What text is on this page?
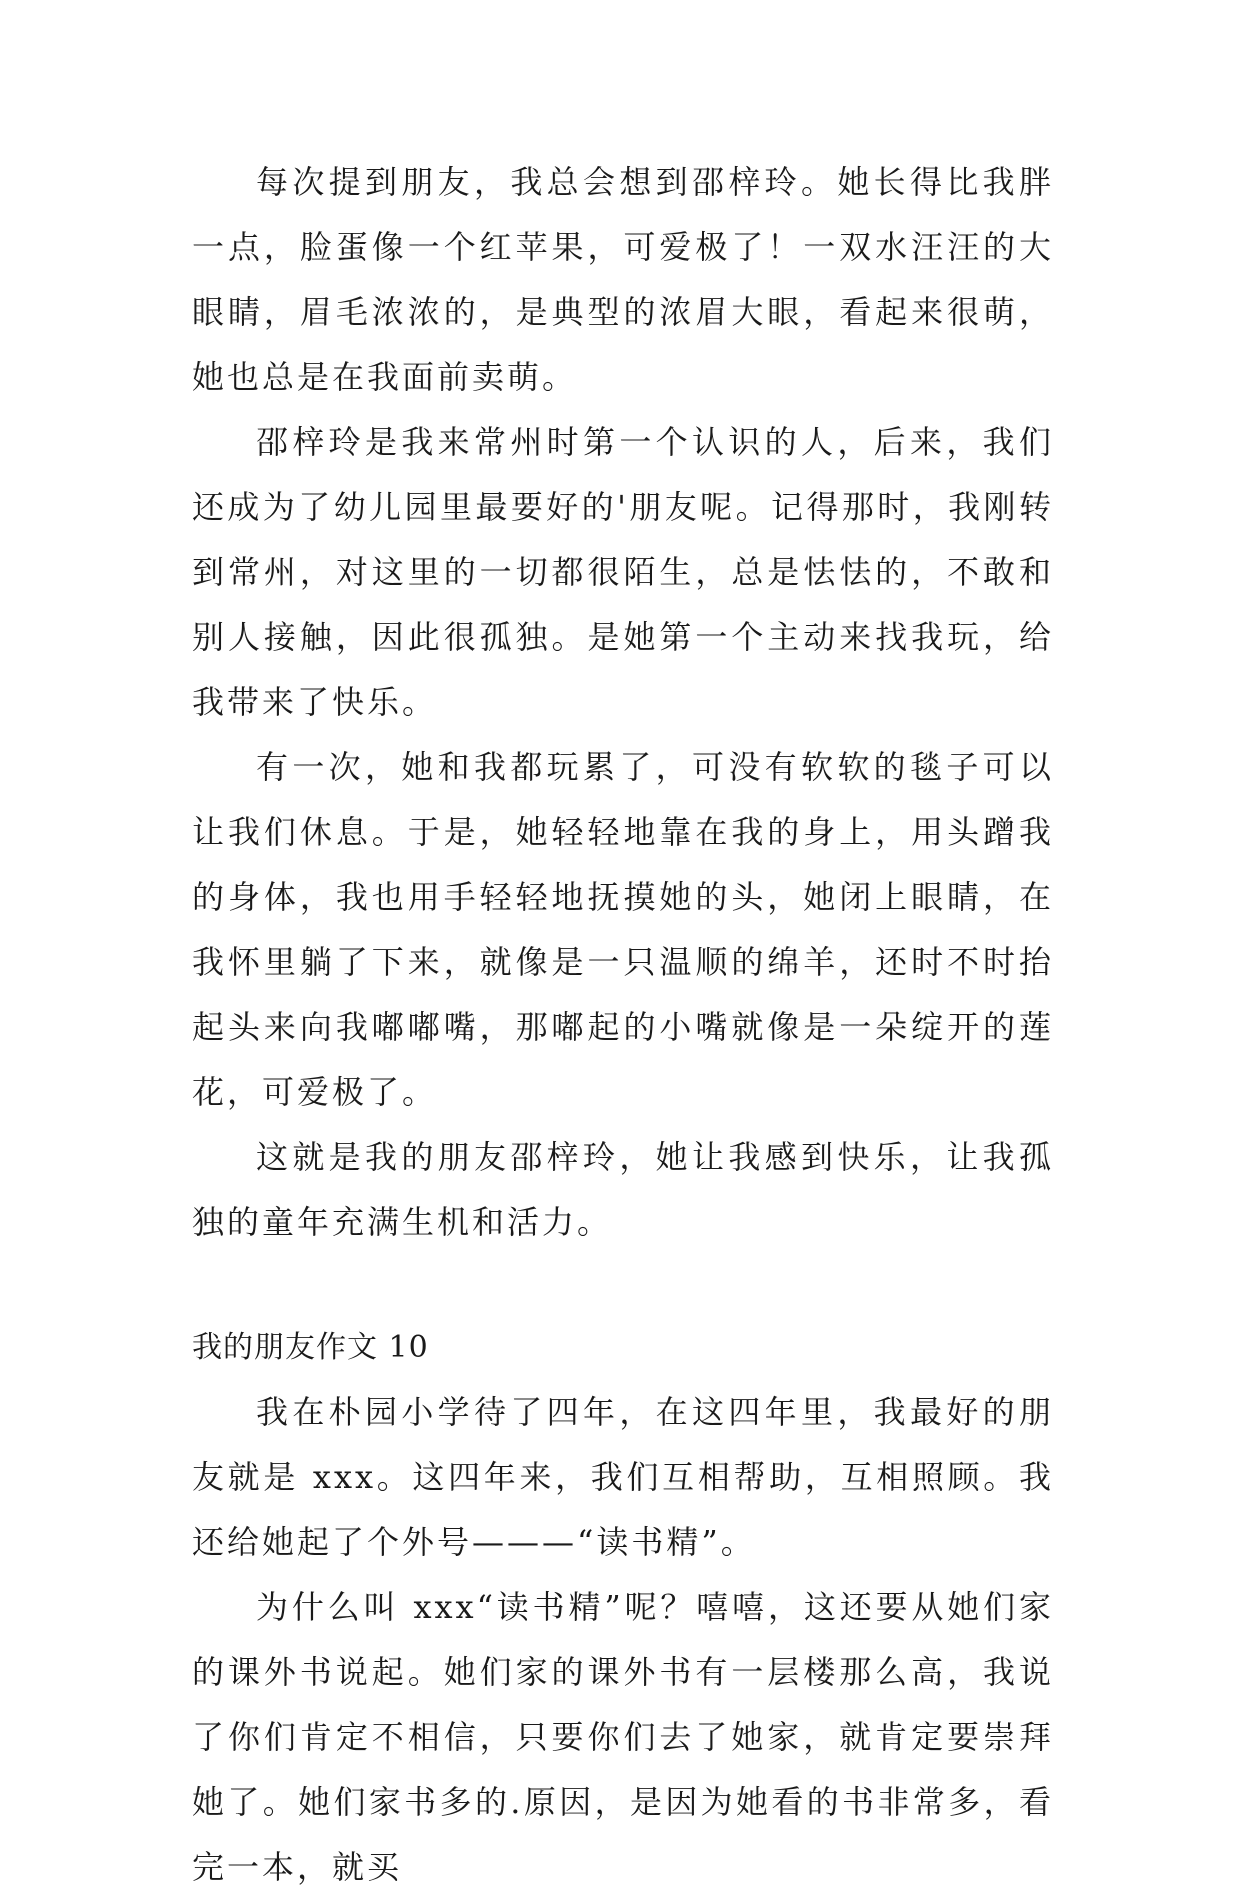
每次提到朋友，我总会想到邵梓玲。她长得比我胖一点，脸蛋像一个红苹果，可爱极了！一双水汪汪的大眼睛，眉毛浓浓的，是典型的浓眉大眼，看起来很萌，她也总是在我面前卖萌。

邵梓玲是我来常州时第一个认识的人，后来，我们还成为了幼儿园里最要好的'朋友呢。记得那时，我刚转到常州，对这里的一切都很陌生，总是怯怯的，不敢和别人接触，因此很孤独。是她第一个主动来找我玩，给我带来了快乐。

有一次，她和我都玩累了，可没有软软的毯子可以让我们休息。于是，她轻轻地靠在我的身上，用头蹭我的身体，我也用手轻轻地抚摸她的头，她闭上眼睛，在我怀里躺了下来，就像是一只温顺的绵羊，还时不时抬起头来向我嘟嘟嘴，那嘟起的小嘴就像是一朵绽开的莲花，可爱极了。

这就是我的朋友邵梓玲，她让我感到快乐，让我孤独的童年充满生机和活力。

我的朋友作文 10

我在朴园小学待了四年，在这四年里，我最好的朋友就是 xxx。这四年来，我们互相帮助，互相照顾。我还给她起了个外号———“读书精”。

为什么叫 xxx“读书精”呢？嘻嘻，这还要从她们家的课外书说起。她们家的课外书有一层楼那么高，我说了你们肯定不相信，只要你们去了她家，就肯定要崇拜她了。她们家书多的.原因，是因为她看的书非常多，看完一本，就买
